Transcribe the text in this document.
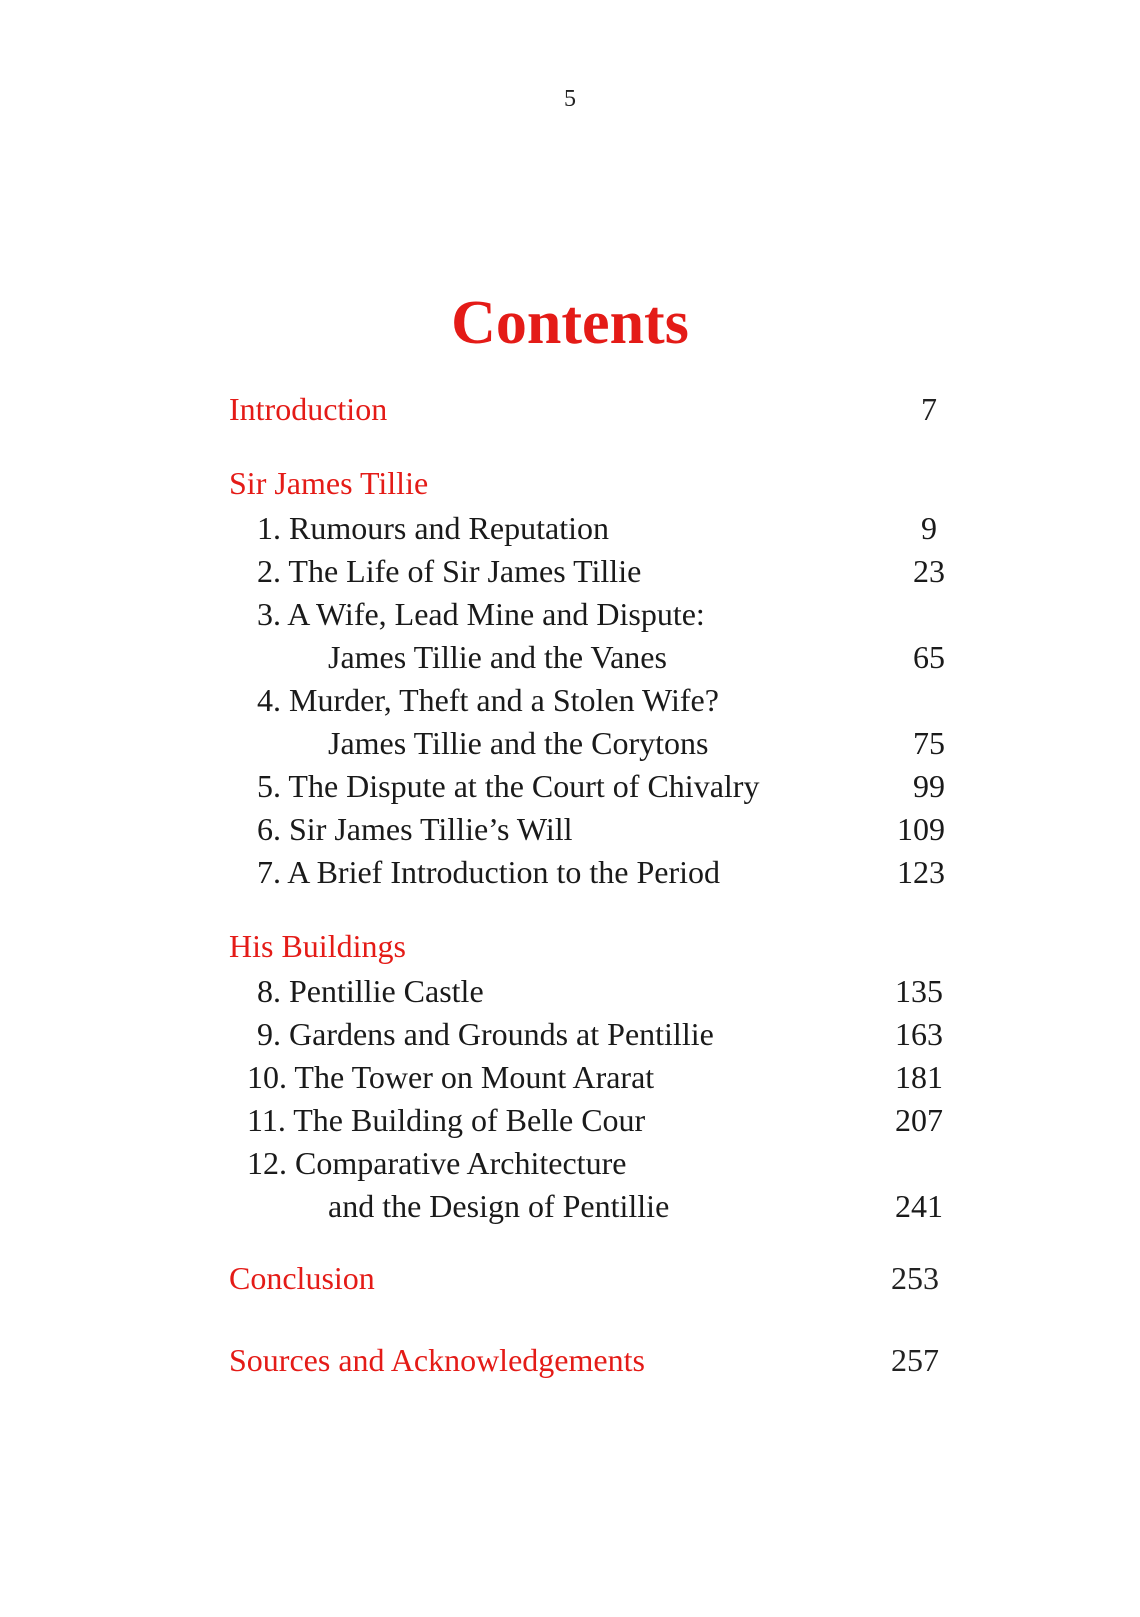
5
Contents
Introduction	7
Sir James Tillie
1. Rumours and Reputation	9
2. The Life of Sir James Tillie	23
3. A Wife, Lead Mine and Dispute:
James Tillie and the Vanes	65
4. Murder, Theft and a Stolen Wife?
James Tillie and the Corytons	75
5. The Dispute at the Court of Chivalry	99
6. Sir James Tillie’s Will	109
7. A Brief Introduction to the Period	123
His Buildings
8. Pentillie Castle	135
9. Gardens and Grounds at Pentillie	163
10. The Tower on Mount Ararat	181
11. The Building of Belle Cour	207
12. Comparative Architecture
and the Design of Pentillie	241
Conclusion	253
Sources and Acknowledgements	257
